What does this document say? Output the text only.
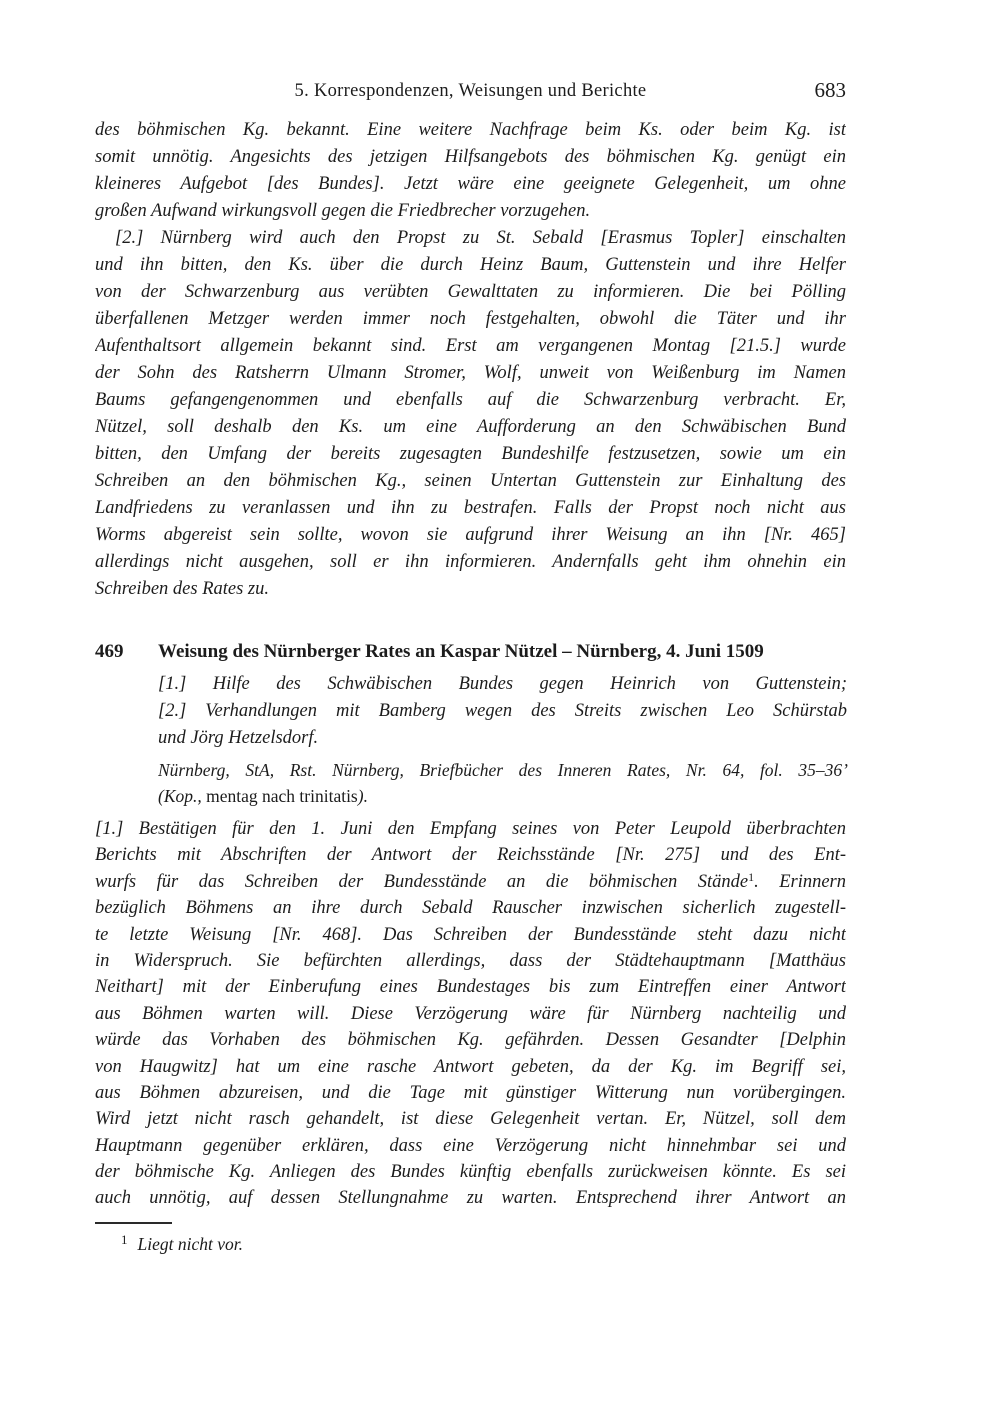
5. Korrespondenzen, Weisungen und Berichte	683
des böhmischen Kg. bekannt. Eine weitere Nachfrage beim Ks. oder beim Kg. ist
somit unnötig. Angesichts des jetzigen Hilfsangebots des böhmischen Kg. genügt ein
kleineres Aufgebot [des Bundes]. Jetzt wäre eine geeignete Gelegenheit, um ohne
großen Aufwand wirkungsvoll gegen die Friedbrecher vorzugehen.
[2.] Nürnberg wird auch den Propst zu St. Sebald [Erasmus Topler] einschalten
und ihn bitten, den Ks. über die durch Heinz Baum, Guttenstein und ihre Helfer
von der Schwarzenburg aus verübten Gewalttaten zu informieren. Die bei Pölling
überfallenen Metzger werden immer noch festgehalten, obwohl die Täter und ihr
Aufenthaltsort allgemein bekannt sind. Erst am vergangenen Montag [21.5.] wurde
der Sohn des Ratsherrn Ulmann Stromer, Wolf, unweit von Weißenburg im Namen
Baums gefangengenommen und ebenfalls auf die Schwarzenburg verbracht. Er,
Nützel, soll deshalb den Ks. um eine Aufforderung an den Schwäbischen Bund
bitten, den Umfang der bereits zugesagten Bundeshilfe festzusetzen, sowie um ein
Schreiben an den böhmischen Kg., seinen Untertan Guttenstein zur Einhaltung des
Landfriedens zu veranlassen und ihn zu bestrafen. Falls der Propst noch nicht aus
Worms abgereist sein sollte, wovon sie aufgrund ihrer Weisung an ihn [Nr. 465]
allerdings nicht ausgehen, soll er ihn informieren. Andernfalls geht ihm ohnehin ein
Schreiben des Rates zu.
469 Weisung des Nürnberger Rates an Kaspar Nützel – Nürnberg, 4. Juni 1509
[1.] Hilfe des Schwäbischen Bundes gegen Heinrich von Guttenstein;
[2.] Verhandlungen mit Bamberg wegen des Streits zwischen Leo Schürstab
und Jörg Hetzelsdorf.
Nürnberg, StA, Rst. Nürnberg, Briefbücher des Inneren Rates, Nr. 64, fol. 35–36’
(Kop., mentag nach trinitatis).
[1.] Bestätigen für den 1. Juni den Empfang seines von Peter Leupold überbrachten
Berichts mit Abschriften der Antwort der Reichsstände [Nr. 275] und des Ent-
wurfs für das Schreiben der Bundesstände an die böhmischen Stände$^1$. Erinnern
bezüglich Böhmens an ihre durch Sebald Rauscher inzwischen sicherlich zugestell-
te letzte Weisung [Nr. 468]. Das Schreiben der Bundesstände steht dazu nicht
in Widerspruch. Sie befürchten allerdings, dass der Städtehauptmann [Matthäus
Neithart] mit der Einberufung eines Bundestages bis zum Eintreffen einer Antwort
aus Böhmen warten will. Diese Verzögerung wäre für Nürnberg nachteilig und
würde das Vorhaben des böhmischen Kg. gefährden. Dessen Gesandter [Delphin
von Haugwitz] hat um eine rasche Antwort gebeten, da der Kg. im Begriff sei,
aus Böhmen abzureisen, und die Tage mit günstiger Witterung nun vorübergingen.
Wird jetzt nicht rasch gehandelt, ist diese Gelegenheit vertan. Er, Nützel, soll dem
Hauptmann gegenüber erklären, dass eine Verzögerung nicht hinnehmbar sei und
der böhmische Kg. Anliegen des Bundes künftig ebenfalls zurückweisen könnte. Es sei
auch unnötig, auf dessen Stellungnahme zu warten. Entsprechend ihrer Antwort an
$^1$ Liegt nicht vor.
